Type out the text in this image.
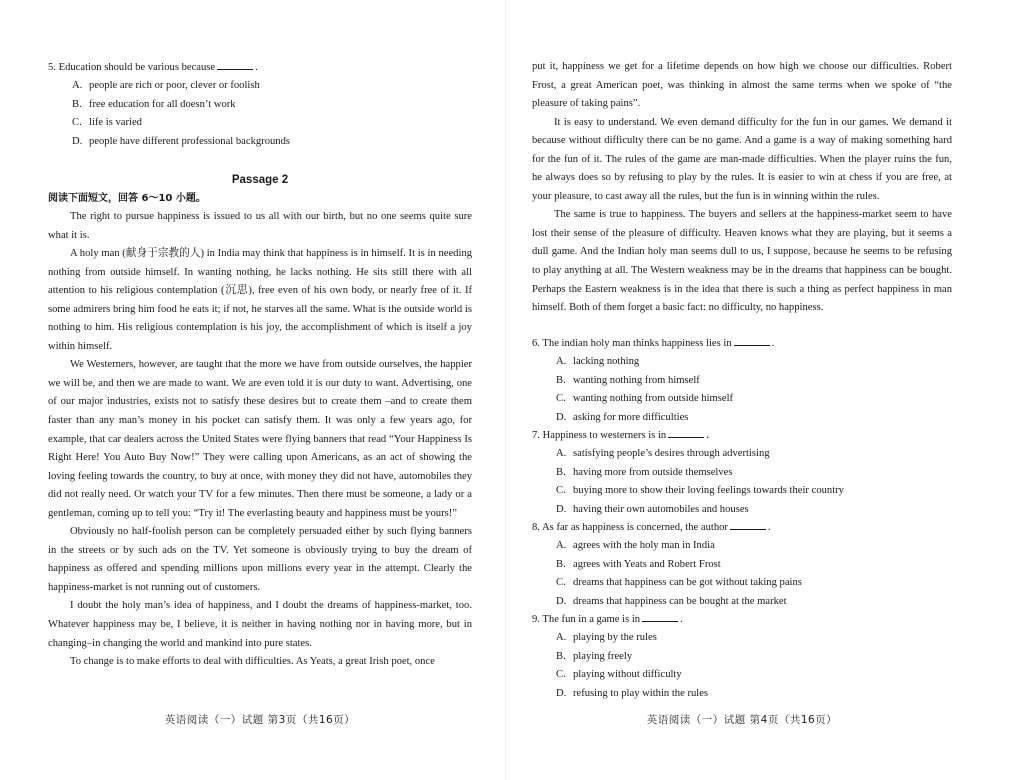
5. Education should be various because	.
A. people are rich or poor, clever or foolish
B. free education for all doesn’t work
C. life is varied
D. people have different professional backgrounds
Passage 2
阅读下面短文，回答 6～10 小题。

The right to pursue happiness is issued to us all with our birth, but no one seems quite sure what it is.

A holy man (献身于宗教的人) in India may think that happiness is in himself. It is in needing nothing from outside himself. In wanting nothing, he lacks nothing. He sits still there with all attention to his religious contemplation (沉思), free even of his own body, or nearly free of it. If some admirers bring him food he eats it; if not, he starves all the same. What is the outside world is nothing to him. His religious contemplation is his joy, the accomplishment of which is itself a joy within himself.

We Westerners, however, are taught that the more we have from outside ourselves, the happier we will be, and then we are made to want. We are even told it is our duty to want. Advertising, one of our major industries, exists not to satisfy these desires but to create them –and to create them faster than any man’s money in his pocket can satisfy them. It was only a few years ago, for example, that car dealers across the United States were flying banners that read “Your Happiness Is Right Here! You Auto Buy Now!” They were calling upon Americans, as an act of showing the loving feeling towards the country, to buy at once, with money they did not have, automobiles they did not really need. Or watch your TV for a few minutes. Then there must be someone, a lady or a gentleman, coming up to tell you: “Try it! The everlasting beauty and happiness must be yours!”

Obviously no half-foolish person can be completely persuaded either by such flying banners in the streets or by such ads on the TV. Yet someone is obviously trying to buy the dream of happiness as offered and spending millions upon millions every year in the attempt. Clearly the happiness-market is not running out of customers.

I doubt the holy man’s idea of happiness, and I doubt the dreams of happiness-market, too. Whatever happiness may be, I believe, it is neither in having nothing nor in having more, but in changing–in changing the world and mankind into pure states.

To change is to make efforts to deal with difficulties. As Yeats, a great Irish poet, once

英语阅读（一）试题 第3页（共16页）

put it, happiness we get for a lifetime depends on how high we choose our difficulties. Robert Frost, a great American poet, was thinking in almost the same terms when we spoke of “the pleasure of taking pains”.

It is easy to understand. We even demand difficulty for the fun in our games. We demand it because without difficulty there can be no game. And a game is a way of making something hard for the fun of it. The rules of the game are man-made difficulties. When the player ruins the fun, he always does so by refusing to play by the rules. It is easier to win at chess if you are free, at your pleasure, to cast away all the rules, but the fun is in winning within the rules.

The same is true to happiness. The buyers and sellers at the happiness-market seem to have lost their sense of the pleasure of difficulty. Heaven knows what they are playing, but it seems a dull game. And the Indian holy man seems dull to us, I suppose, because he seems to be refusing to play anything at all. The Western weakness may be in the dreams that happiness can be bought. Perhaps the Eastern weakness is in the idea that there is such a thing as perfect happiness in man himself. Both of them forget a basic fact: no difficulty, no happiness.

6. The indian holy man thinks happiness lies in	.
A. lacking nothing
B. wanting nothing from himself
C. wanting nothing from outside himself
D. asking for more difficulties
7. Happiness to westerners is in	.
A. satisfying people’s desires through advertising
B. having more from outside themselves
C. buying more to show their loving feelings towards their country
D. having their own automobiles and houses
8. As far as happiness is concerned, the author	.
A. agrees with the holy man in India
B. agrees with Yeats and Robert Frost
C. dreams that happiness can be got without taking pains
D. dreams that happiness can be bought at the market
9. The fun in a game is in	.
A. playing by the rules
B. playing freely
C. playing without difficulty
D. refusing to play within the rules
英语阅读（一）试题 第4页（共16页）
